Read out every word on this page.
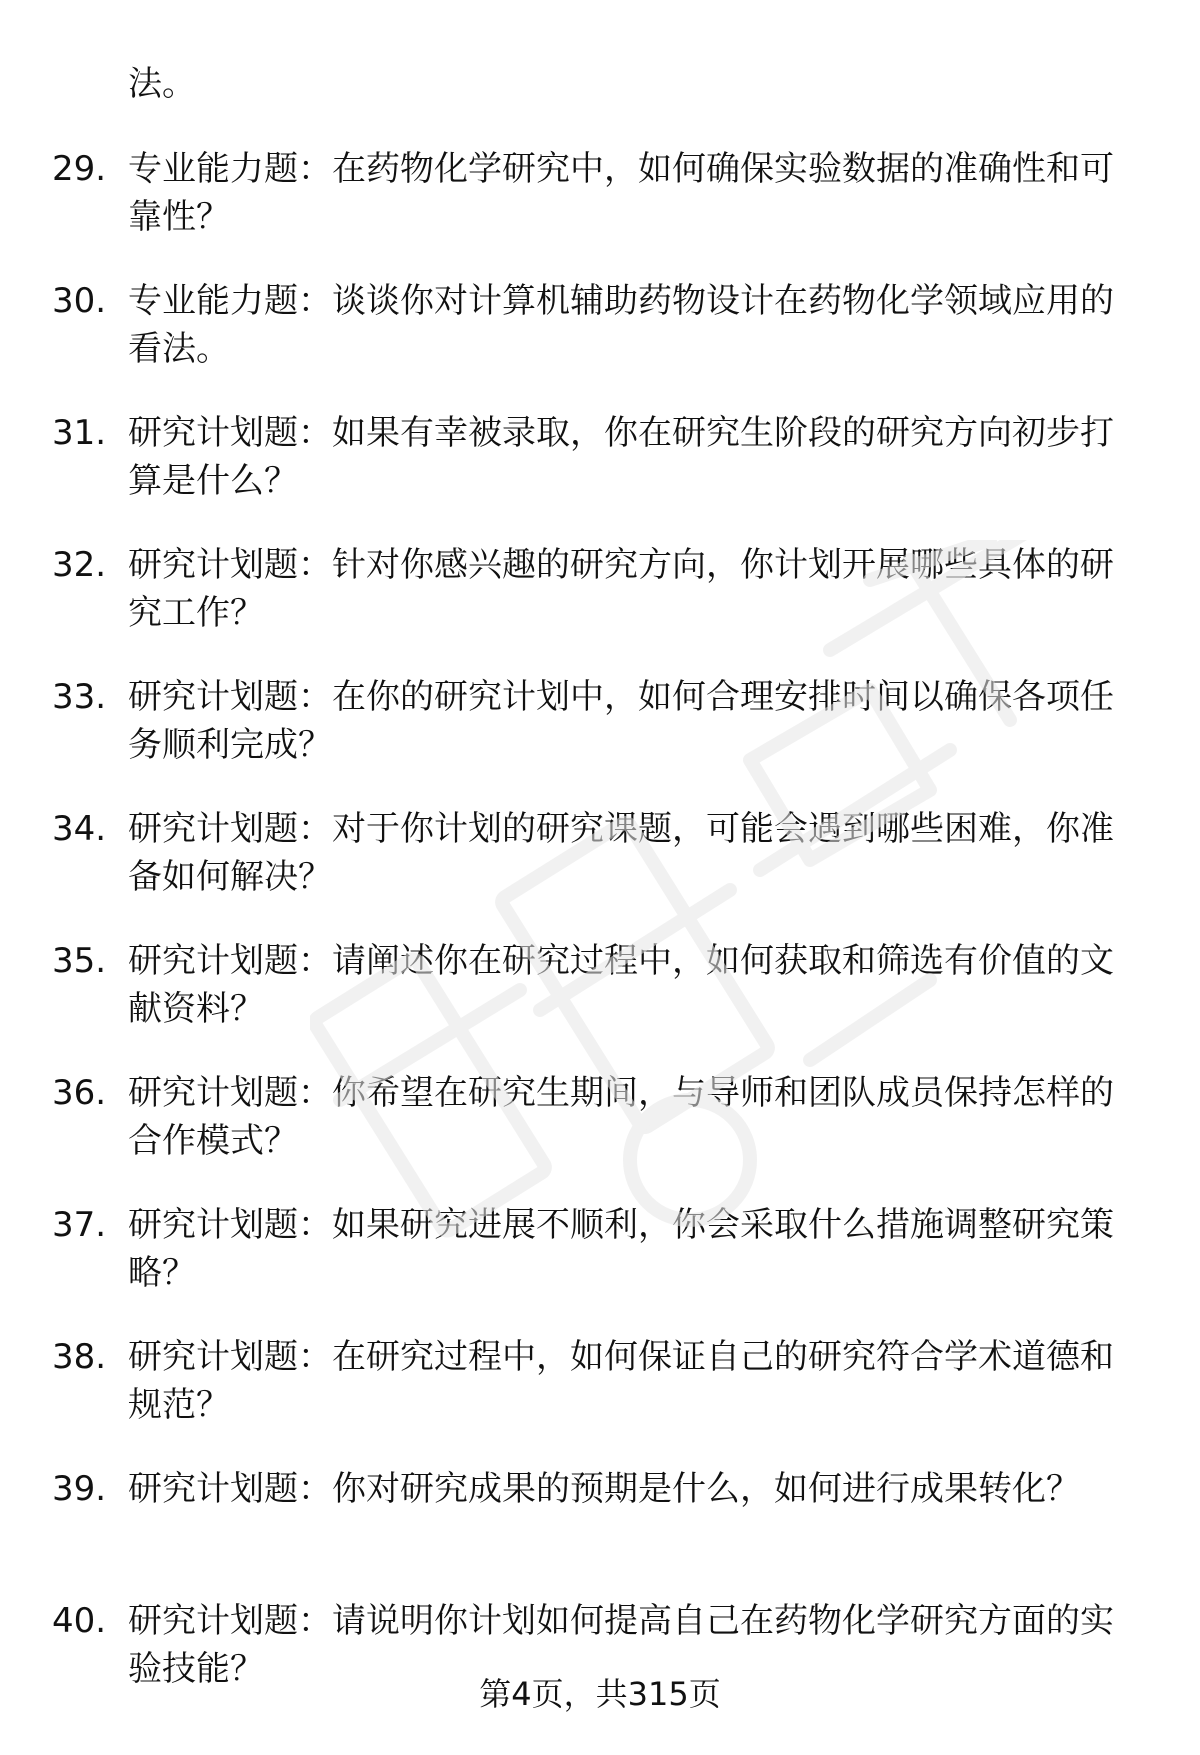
法。
29. 专业能力题：在药物化学研究中，如何确保实验数据的准确性和可靠性？
30. 专业能力题：谈谈你对计算机辅助药物设计在药物化学领域应用的看法。
31. 研究计划题：如果有幸被录取，你在研究生阶段的研究方向初步打算是什么？
32. 研究计划题：针对你感兴趣的研究方向，你计划开展哪些具体的研究工作？
33. 研究计划题：在你的研究计划中，如何合理安排时间以确保各项任务顺利完成？
34. 研究计划题：对于你计划的研究课题，可能会遇到哪些困难，你准备如何解决？
35. 研究计划题：请阐述你在研究过程中，如何获取和筛选有价值的文献资料？
36. 研究计划题：你希望在研究生期间，与导师和团队成员保持怎样的合作模式？
37. 研究计划题：如果研究进展不顺利，你会采取什么措施调整研究策略？
38. 研究计划题：在研究过程中，如何保证自己的研究符合学术道德和规范？
39. 研究计划题：你对研究成果的预期是什么，如何进行成果转化？
40. 研究计划题：请说明你计划如何提高自己在药物化学研究方面的实验技能？
第4页，共315页
